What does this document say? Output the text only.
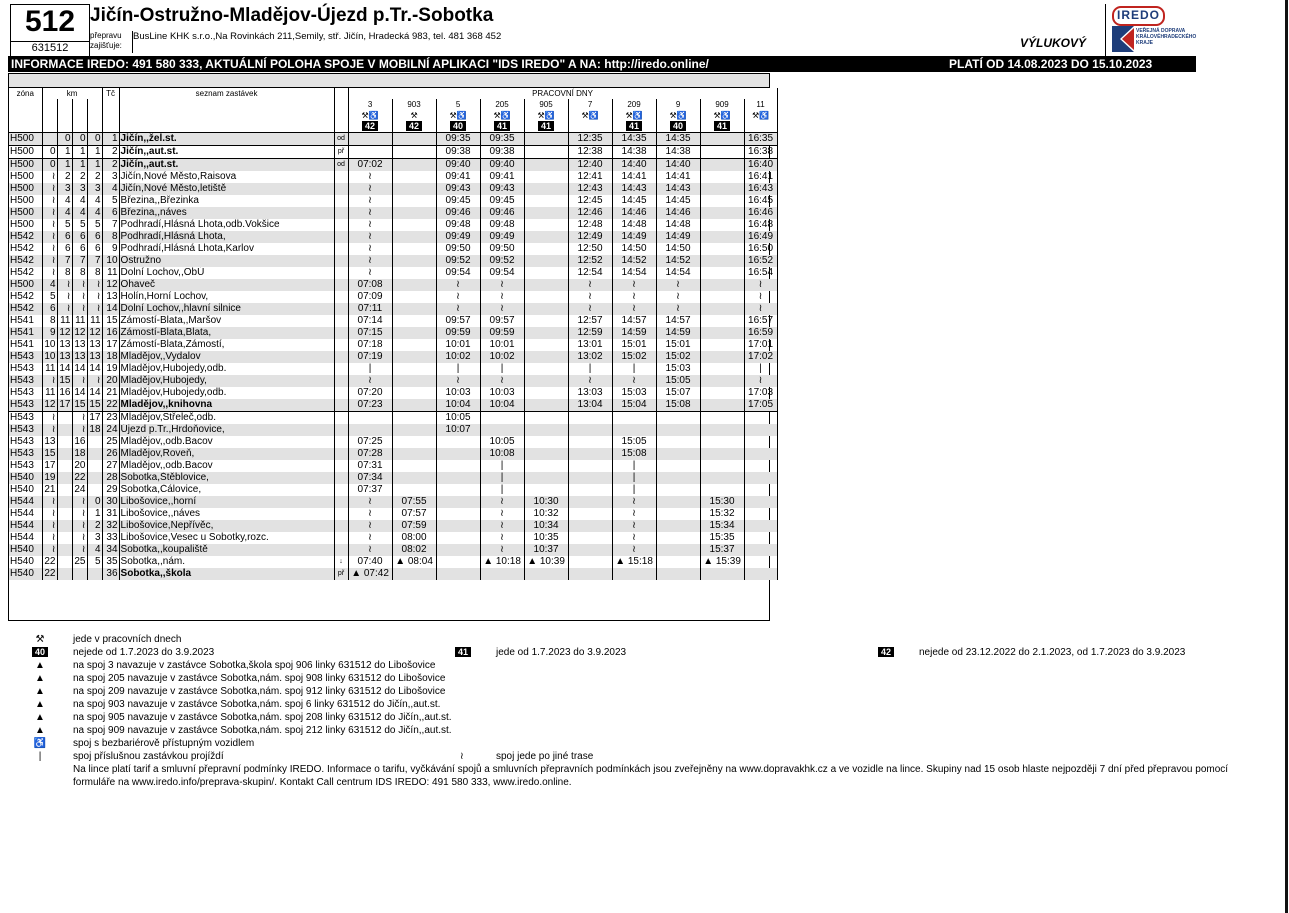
512
631512
Jičín-Ostružno-Mladějov-Újezd p.Tr.-Sobotka
přepravu zajišťuje:
BusLine KHK s.r.o.,Na Rovinkách 211,Semily, stř. Jičín, Hradecká 983, tel. 481 368 452	VÝLUKOVÝ
IREDO
VEŘEJNÁ DOPRAVA KRÁLOVÉHRADECKÉHO KRAJE
INFORMACE IREDO: 491 580 333, AKTUÁLNÍ POLOHA SPOJE V MOBILNÍ APLIKACI "IDS IREDO" A NA: http://iredo.online/	PLATÍ OD 14.08.2023 DO 15.10.2023
zóna	km				Tč	seznam zastávek		PRACOVNÍ DNY									
								3	903	5	205	905	7	209	9	909	11
								⚒♿	⚒	⚒♿	⚒♿	⚒♿	⚒♿	⚒♿	⚒♿	⚒♿	⚒♿
								42	42	40	41	41		41	40	41	
H500		0	0	0	1	Jičín,,žel.st.	od			09:35	09:35		12:35	14:35	14:35		16:35
H500	0	1	1	1	2	Jičín,,aut.st.	př			09:38	09:38		12:38	14:38	14:38		16:38
H500	0	1	1	1	2	Jičín,,aut.st.	od	07:02		09:40	09:40		12:40	14:40	14:40		16:40
H500	≀	2	2	2	3	Jičín,Nové Město,Raisova		≀		09:41	09:41		12:41	14:41	14:41		16:41
H500	≀	3	3	3	4	Jičín,Nové Město,letiště		≀		09:43	09:43		12:43	14:43	14:43		16:43
H500	≀	4	4	4	5	Březina,,Březinka		≀		09:45	09:45		12:45	14:45	14:45		16:45
H500	≀	4	4	4	6	Březina,,náves		≀		09:46	09:46		12:46	14:46	14:46		16:46
H500	≀	5	5	5	7	Podhradí,Hlásná Lhota,odb.Vokšice		≀		09:48	09:48		12:48	14:48	14:48		16:48
H542	≀	6	6	6	8	Podhradí,Hlásná Lhota,		≀		09:49	09:49		12:49	14:49	14:49		16:49
H542	≀	6	6	6	9	Podhradí,Hlásná Lhota,Karlov		≀		09:50	09:50		12:50	14:50	14:50		16:50
H542	≀	7	7	7	10	Ostružno		≀		09:52	09:52		12:52	14:52	14:52		16:52
H542	≀	8	8	8	11	Dolní Lochov,,ObÚ		≀		09:54	09:54		12:54	14:54	14:54		16:54
H500	4	≀	≀	≀	12	Ohaveč		07:08		≀	≀		≀	≀	≀		≀
H542	5	≀	≀	≀	13	Holín,Horní Lochov,		07:09		≀	≀		≀	≀	≀		≀
H542	6	≀	≀	≀	14	Dolní Lochov,,hlavní silnice		07:11		≀	≀		≀	≀	≀		≀
H541	8	11	11	11	15	Zámostí-Blata,,Maršov		07:14		09:57	09:57		12:57	14:57	14:57		16:57
H541	9	12	12	12	16	Zámostí-Blata,Blata,		07:15		09:59	09:59		12:59	14:59	14:59		16:59
H541	10	13	13	13	17	Zámostí-Blata,Zámostí,		07:18		10:01	10:01		13:01	15:01	15:01		17:01
H543	10	13	13	13	18	Mladějov,,Vydalov		07:19		10:02	10:02		13:02	15:02	15:02		17:02
H543	11	14	14	14	19	Mladějov,Hubojedy,odb.		|		|	|		|	|	15:03		|
H543	≀	15	≀	≀	20	Mladějov,Hubojedy,		≀		≀	≀		≀	≀	15:05		≀
H543	11	16	14	14	21	Mladějov,Hubojedy,odb.		07:20		10:03	10:03		13:03	15:03	15:07		17:03
H543	12	17	15	15	22	Mladějov,,knihovna		07:23		10:04	10:04		13:04	15:04	15:08		17:05
H543	≀		≀	17	23	Mladějov,Střeleč,odb.				10:05							
H543	≀		≀	18	24	Újezd p.Tr.,Hrdoňovice,				10:07							
H543	13		16		25	Mladějov,,odb.Bacov		07:25			10:05			15:05			
H543	15		18		26	Mladějov,Roveň,		07:28			10:08			15:08			
H543	17		20		27	Mladějov,,odb.Bacov		07:31			|			|			
H540	19		22		28	Sobotka,Štěblovice,		07:34			|			|			
H540	21		24		29	Sobotka,Čálovice,		07:37			|			|			
H544	≀		≀	0	30	Libošovice,,horní		≀	07:55		≀	10:30		≀		15:30	
H544	≀		≀	1	31	Libošovice,,náves		≀	07:57		≀	10:32		≀		15:32	
H544	≀		≀	2	32	Libošovice,Nepřívěc,		≀	07:59		≀	10:34		≀		15:34	
H544	≀		≀	3	33	Libošovice,Vesec u Sobotky,rozc.		≀	08:00		≀	10:35		≀		15:35	
H540	≀		≀	4	34	Sobotka,,koupaliště		≀	08:02		≀	10:37		≀		15:37	
H540	22		25	5	35	Sobotka,,nám.	↓	07:40	▲ 08:04		▲ 10:18	▲ 10:39		▲ 15:18		▲ 15:39	
H540	22				36	Sobotka,,škola	př	▲ 07:42									
⚒	jede v pracovních dnech
40	nejede od 1.7.2023 do 3.9.2023	41	jede od 1.7.2023 do 3.9.2023	42	nejede od 23.12.2022 do 2.1.2023, od 1.7.2023 do 3.9.2023
▲	na spoj 3 navazuje v zastávce Sobotka,škola spoj 906 linky 631512 do Libošovice
▲	na spoj 205 navazuje v zastávce Sobotka,nám. spoj 908 linky 631512 do Libošovice
▲	na spoj 209 navazuje v zastávce Sobotka,nám. spoj 912 linky 631512 do Libošovice
▲	na spoj 903 navazuje v zastávce Sobotka,nám. spoj 6 linky 631512 do Jičín,,aut.st.
▲	na spoj 905 navazuje v zastávce Sobotka,nám. spoj 208 linky 631512 do Jičín,,aut.st.
▲	na spoj 909 navazuje v zastávce Sobotka,nám. spoj 212 linky 631512 do Jičín,,aut.st.
♿	spoj s bezbariérově přístupným vozidlem
|	spoj příslušnou zastávkou projíždí	≀	spoj jede po jiné trase
Na lince platí tarif a smluvní přepravní podmínky IREDO. Informace o tarifu, vyčkávání spojů a smluvních přepravních podmínkách jsou zveřejněny na www.dopravakhk.cz a ve vozidle na lince. Skupiny nad 15 osob hlaste nejpozději 7 dní před přepravou pomocí formuláře na www.iredo.info/preprava-skupin/. Kontakt Call centrum IDS IREDO: 491 580 333, www.iredo.online.
